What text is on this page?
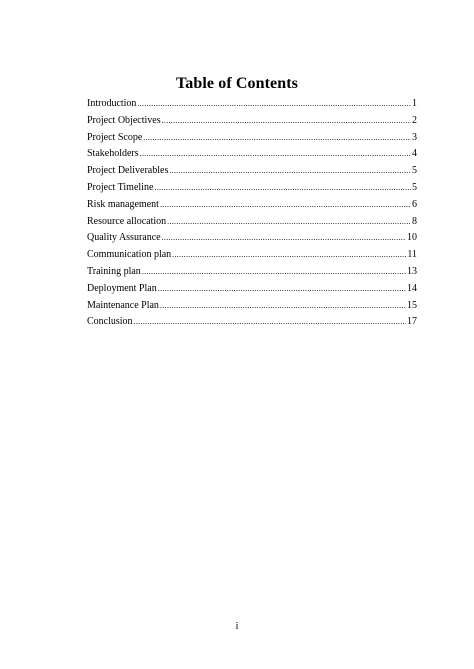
Table of Contents
Introduction .....	1
Project Objectives .....	2
Project Scope .....	3
Stakeholders .....	4
Project Deliverables .....	5
Project Timeline .....	5
Risk management .....	6
Resource allocation .....	8
Quality Assurance .....	10
Communication plan .....	11
Training plan .....	13
Deployment Plan .....	14
Maintenance Plan .....	15
Conclusion .....	17
i
